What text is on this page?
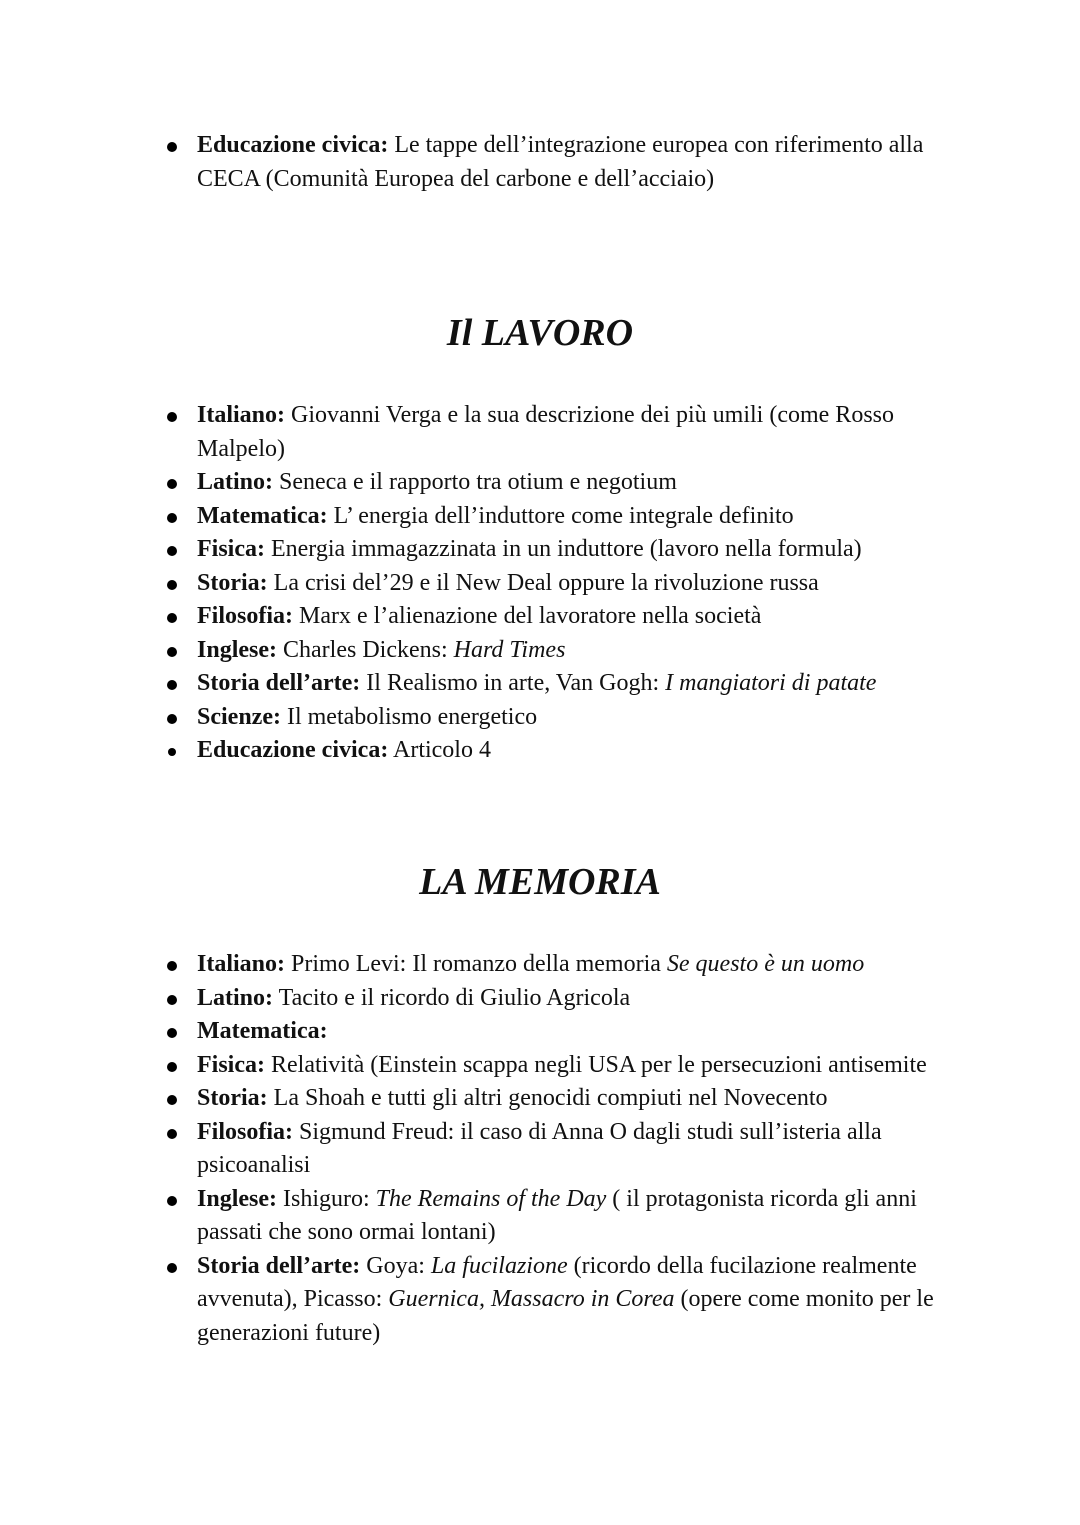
Educazione civica: Le tappe dell’integrazione europea con riferimento alla CECA (Comunità Europea del carbone e dell’acciaio)
Il LAVORO
Italiano: Giovanni Verga e la sua descrizione dei più umili (come Rosso Malpelo)
Latino: Seneca e il rapporto tra otium e negotium
Matematica: L’ energia dell’induttore come integrale definito
Fisica: Energia immagazzinata in un induttore (lavoro nella formula)
Storia: La crisi del’29 e il New Deal oppure la rivoluzione russa
Filosofia: Marx e l’alienazione del lavoratore nella società
Inglese: Charles Dickens: Hard Times
Storia dell’arte: Il Realismo in arte, Van Gogh: I mangiatori di patate
Scienze: Il metabolismo energetico
Educazione civica: Articolo 4
LA MEMORIA
Italiano: Primo Levi: Il romanzo della memoria Se questo è un uomo
Latino: Tacito e il ricordo di Giulio Agricola
Matematica:
Fisica: Relatività (Einstein scappa negli USA per le persecuzioni antisemite
Storia: La Shoah e tutti gli altri genocidi compiuti nel Novecento
Filosofia: Sigmund Freud: il caso di Anna O dagli studi sull’isteria alla psicoanalisi
Inglese: Ishiguro: The Remains of the Day ( il protagonista ricorda gli anni passati che sono ormai lontani)
Storia dell’arte: Goya: La fucilazione (ricordo della fucilazione realmente avvenuta), Picasso: Guernica, Massacro in Corea (opere come monito per le generazioni future)
